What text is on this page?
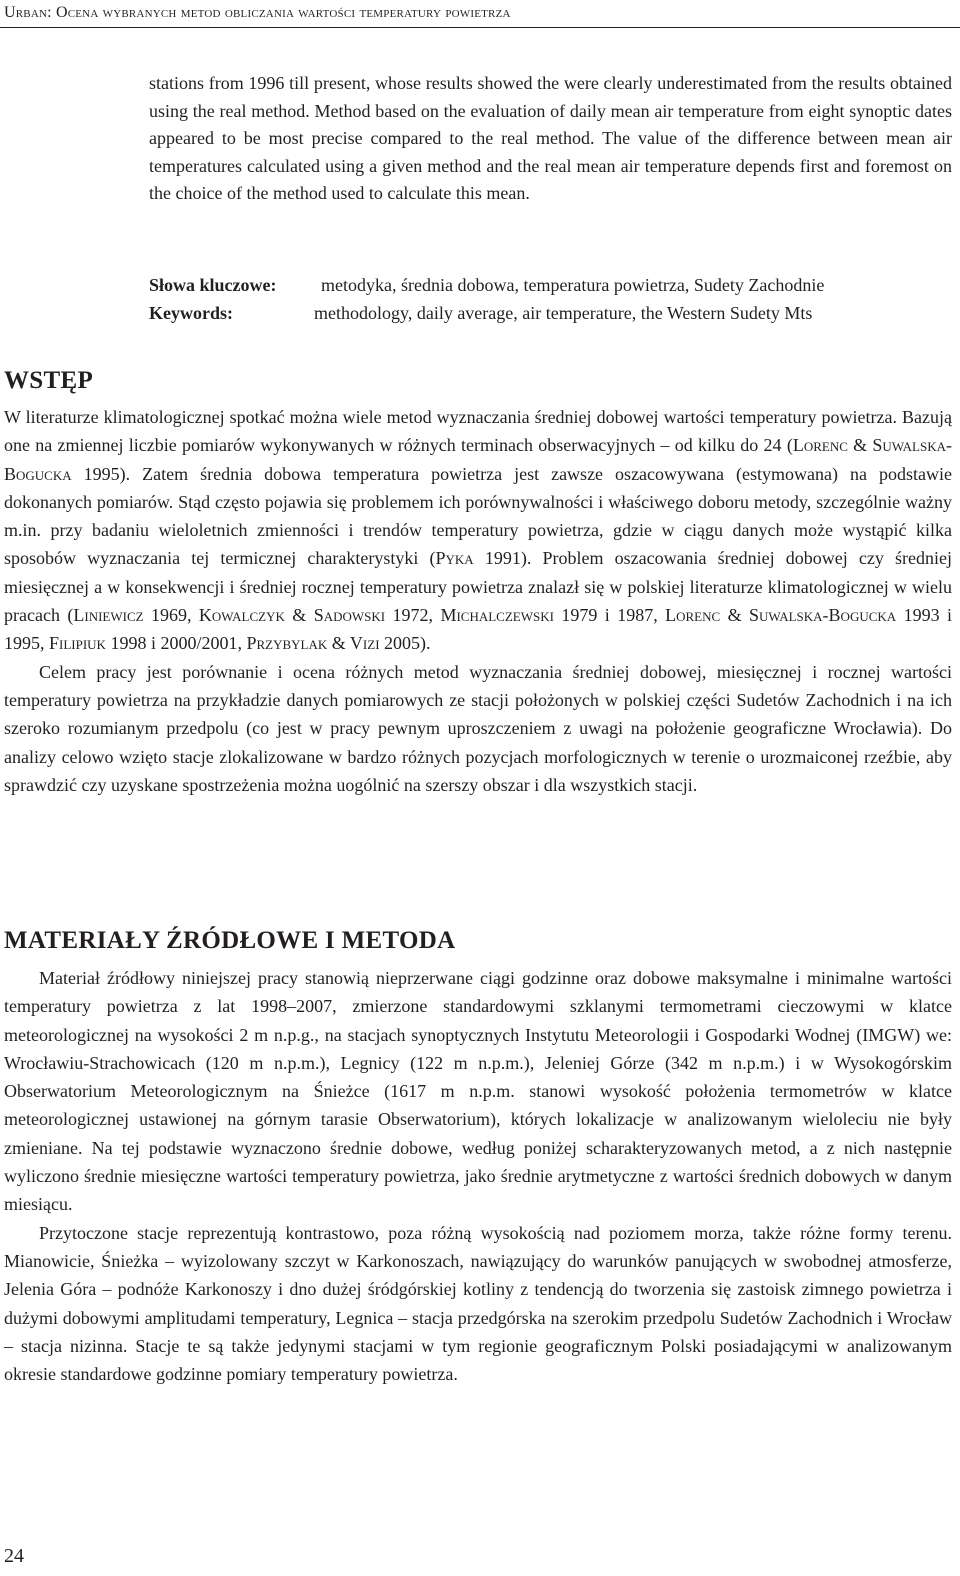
Urban: Ocena wybranych metod obliczania wartości temperatury powietrza

stations from 1996 till present, whose results showed the were clearly underestimated from the results obtained using the real method. Method based on the evaluation of daily mean air temperature from eight synoptic dates appeared to be most precise compared to the real method. The value of the difference between mean air temperatures calculated using a given method and the real mean air temperature depends first and foremost on the choice of the method used to calculate this mean.

Słowa kluczowe: metodyka, średnia dobowa, temperatura powietrza, Sudety Zachodnie
Keywords:	methodology, daily average, air temperature, the Western Sudety Mts
WSTĘP

W literaturze klimatologicznej spotkać można wiele metod wyznaczania średniej dobowej wartości temperatury powietrza. Bazują one na zmiennej liczbie pomiarów wykonywanych w różnych terminach obserwacyjnych – od kilku do 24 (Lorenc & Suwalska-Bogucka 1995). Zatem średnia dobowa temperatura powietrza jest zawsze oszacowywana (estymowana) na podstawie dokonanych pomiarów. Stąd często pojawia się problemem ich porównywalności i właściwego doboru metody, szczególnie ważny m.in. przy badaniu wieloletnich zmienności i trendów temperatury powietrza, gdzie w ciągu danych może wystąpić kilka sposobów wyznaczania tej termicznej charakterystyki (Pyka 1991). Problem oszacowania średniej dobowej czy średniej miesięcznej a w konsekwencji i średniej rocznej temperatury powietrza znalazł się w polskiej literaturze klimatologicznej w wielu pracach (Liniewicz 1969, Kowalczyk & Sadowski 1972, Michalczewski 1979 i 1987, Lorenc & Suwalska-Bogucka 1993 i 1995, Filipiuk 1998 i 2000/2001, Przybylak & Vizi 2005).

Celem pracy jest porównanie i ocena różnych metod wyznaczania średniej dobowej, miesięcznej i rocznej wartości temperatury powietrza na przykładzie danych pomiarowych ze stacji położonych w polskiej części Sudetów Zachodnich i na ich szeroko rozumianym przedpolu (co jest w pracy pewnym uproszczeniem z uwagi na położenie geograficzne Wrocławia). Do analizy celowo wzięto stacje zlokalizowane w bardzo różnych pozycjach morfologicznych w terenie o urozmaiconej rzeźbie, aby sprawdzić czy uzyskane spostrzeżenia można uogólnić na szerszy obszar i dla wszystkich stacji.

MATERIAŁY ŹRÓDŁOWE I METODA

Materiał źródłowy niniejszej pracy stanowią nieprzerwane ciągi godzinne oraz dobowe maksymalne i minimalne wartości temperatury powietrza z lat 1998–2007, zmierzone standardowymi szklanymi termometrami cieczowymi w klatce meteorologicznej na wysokości 2 m n.p.g., na stacjach synoptycznych Instytutu Meteorologii i Gospodarki Wodnej (IMGW) we: Wrocławiu-Strachowicach (120 m n.p.m.), Legnicy (122 m n.p.m.), Jeleniej Górze (342 m n.p.m.) i w Wysokogórskim Obserwatorium Meteorologicznym na Śnieżce (1617 m n.p.m. stanowi wysokość położenia termometrów w klatce meteorologicznej ustawionej na górnym tarasie Obserwatorium), których lokalizacje w analizowanym wieloleciu nie były zmieniane. Na tej podstawie wyznaczono średnie dobowe, według poniżej scharakteryzowanych metod, a z nich następnie wyliczono średnie miesięczne wartości temperatury powietrza, jako średnie arytmetyczne z wartości średnich dobowych w danym miesiącu.

Przytoczone stacje reprezentują kontrastowo, poza różną wysokością nad poziomem morza, także różne formy terenu. Mianowicie, Śnieżka – wyizolowany szczyt w Karkonoszach, nawiązujący do warunków panujących w swobodnej atmosferze, Jelenia Góra – podnóże Karkonoszy i dno dużej śródgórskiej kotliny z tendencją do tworzenia się zastoisk zimnego powietrza i dużymi dobowymi amplitudami temperatury, Legnica – stacja przedgórska na szerokim przedpolu Sudetów Zachodnich i Wrocław – stacja nizinna. Stacje te są także jedynymi stacjami w tym regionie geograficznym Polski posiadającymi w analizowanym okresie standardowe godzinne pomiary temperatury powietrza.

24
